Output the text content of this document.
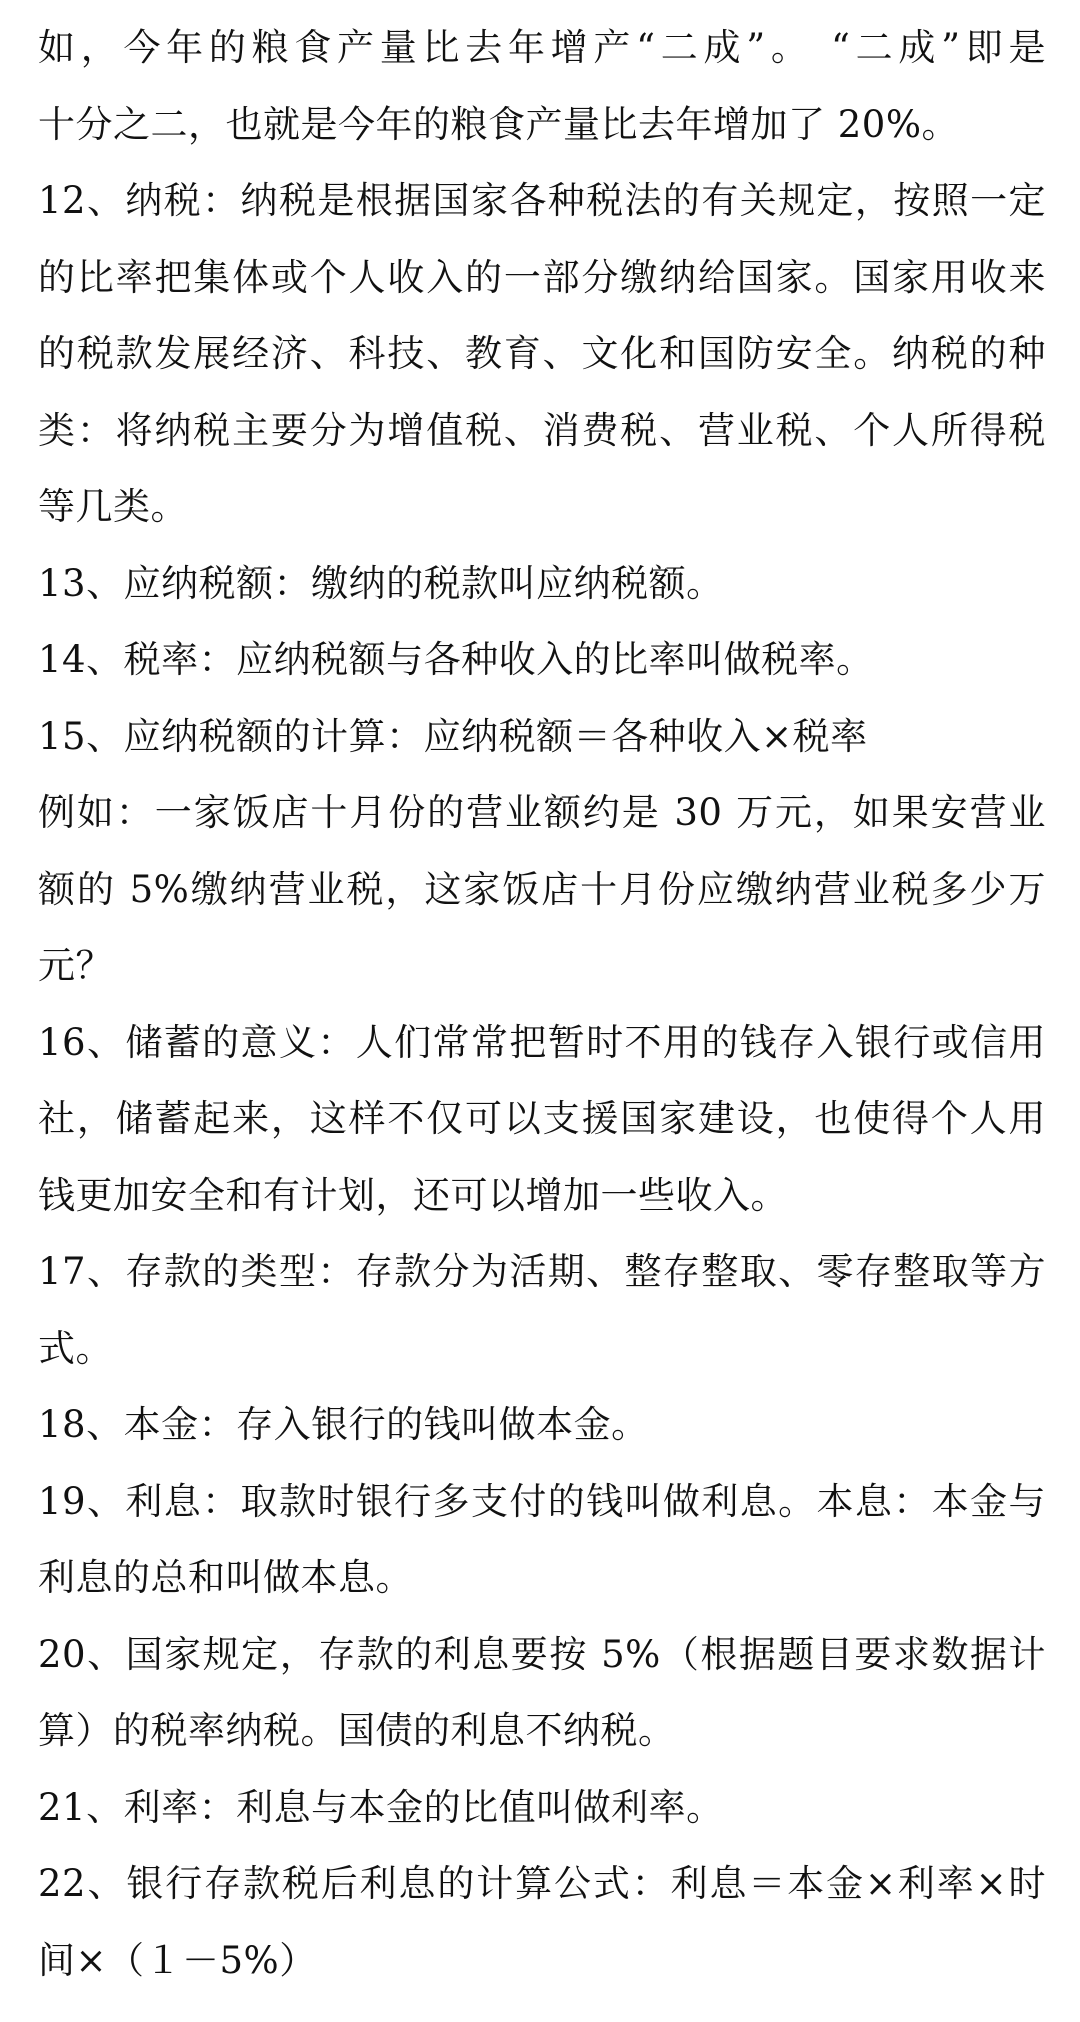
如，今年的粮食产量比去年增产“二成”。 “二成”即是
十分之二，也就是今年的粮食产量比去年增加了 20%。
12、纳税：纳税是根据国家各种税法的有关规定，按照一定
的比率把集体或个人收入的一部分缴纳给国家。国家用收来
的税款发展经济、科技、教育、文化和国防安全。纳税的种
类：将纳税主要分为增值税、消费税、营业税、个人所得税
等几类。
13、应纳税额：缴纳的税款叫应纳税额。
14、税率：应纳税额与各种收入的比率叫做税率。
15、应纳税额的计算：应纳税额＝各种收入×税率
例如：一家饭店十月份的营业额约是 30 万元，如果安营业
额的 5%缴纳营业税，这家饭店十月份应缴纳营业税多少万
元？
16、储蓄的意义：人们常常把暂时不用的钱存入银行或信用
社，储蓄起来，这样不仅可以支援国家建设，也使得个人用
钱更加安全和有计划，还可以增加一些收入。
17、存款的类型：存款分为活期、整存整取、零存整取等方
式。
18、本金：存入银行的钱叫做本金。
19、利息：取款时银行多支付的钱叫做利息。本息：本金与
利息的总和叫做本息。
20、国家规定，存款的利息要按 5%（根据题目要求数据计
算）的税率纳税。国债的利息不纳税。
21、利率：利息与本金的比值叫做利率。
22、银行存款税后利息的计算公式：利息＝本金×利率×时
间×（１－5%）
